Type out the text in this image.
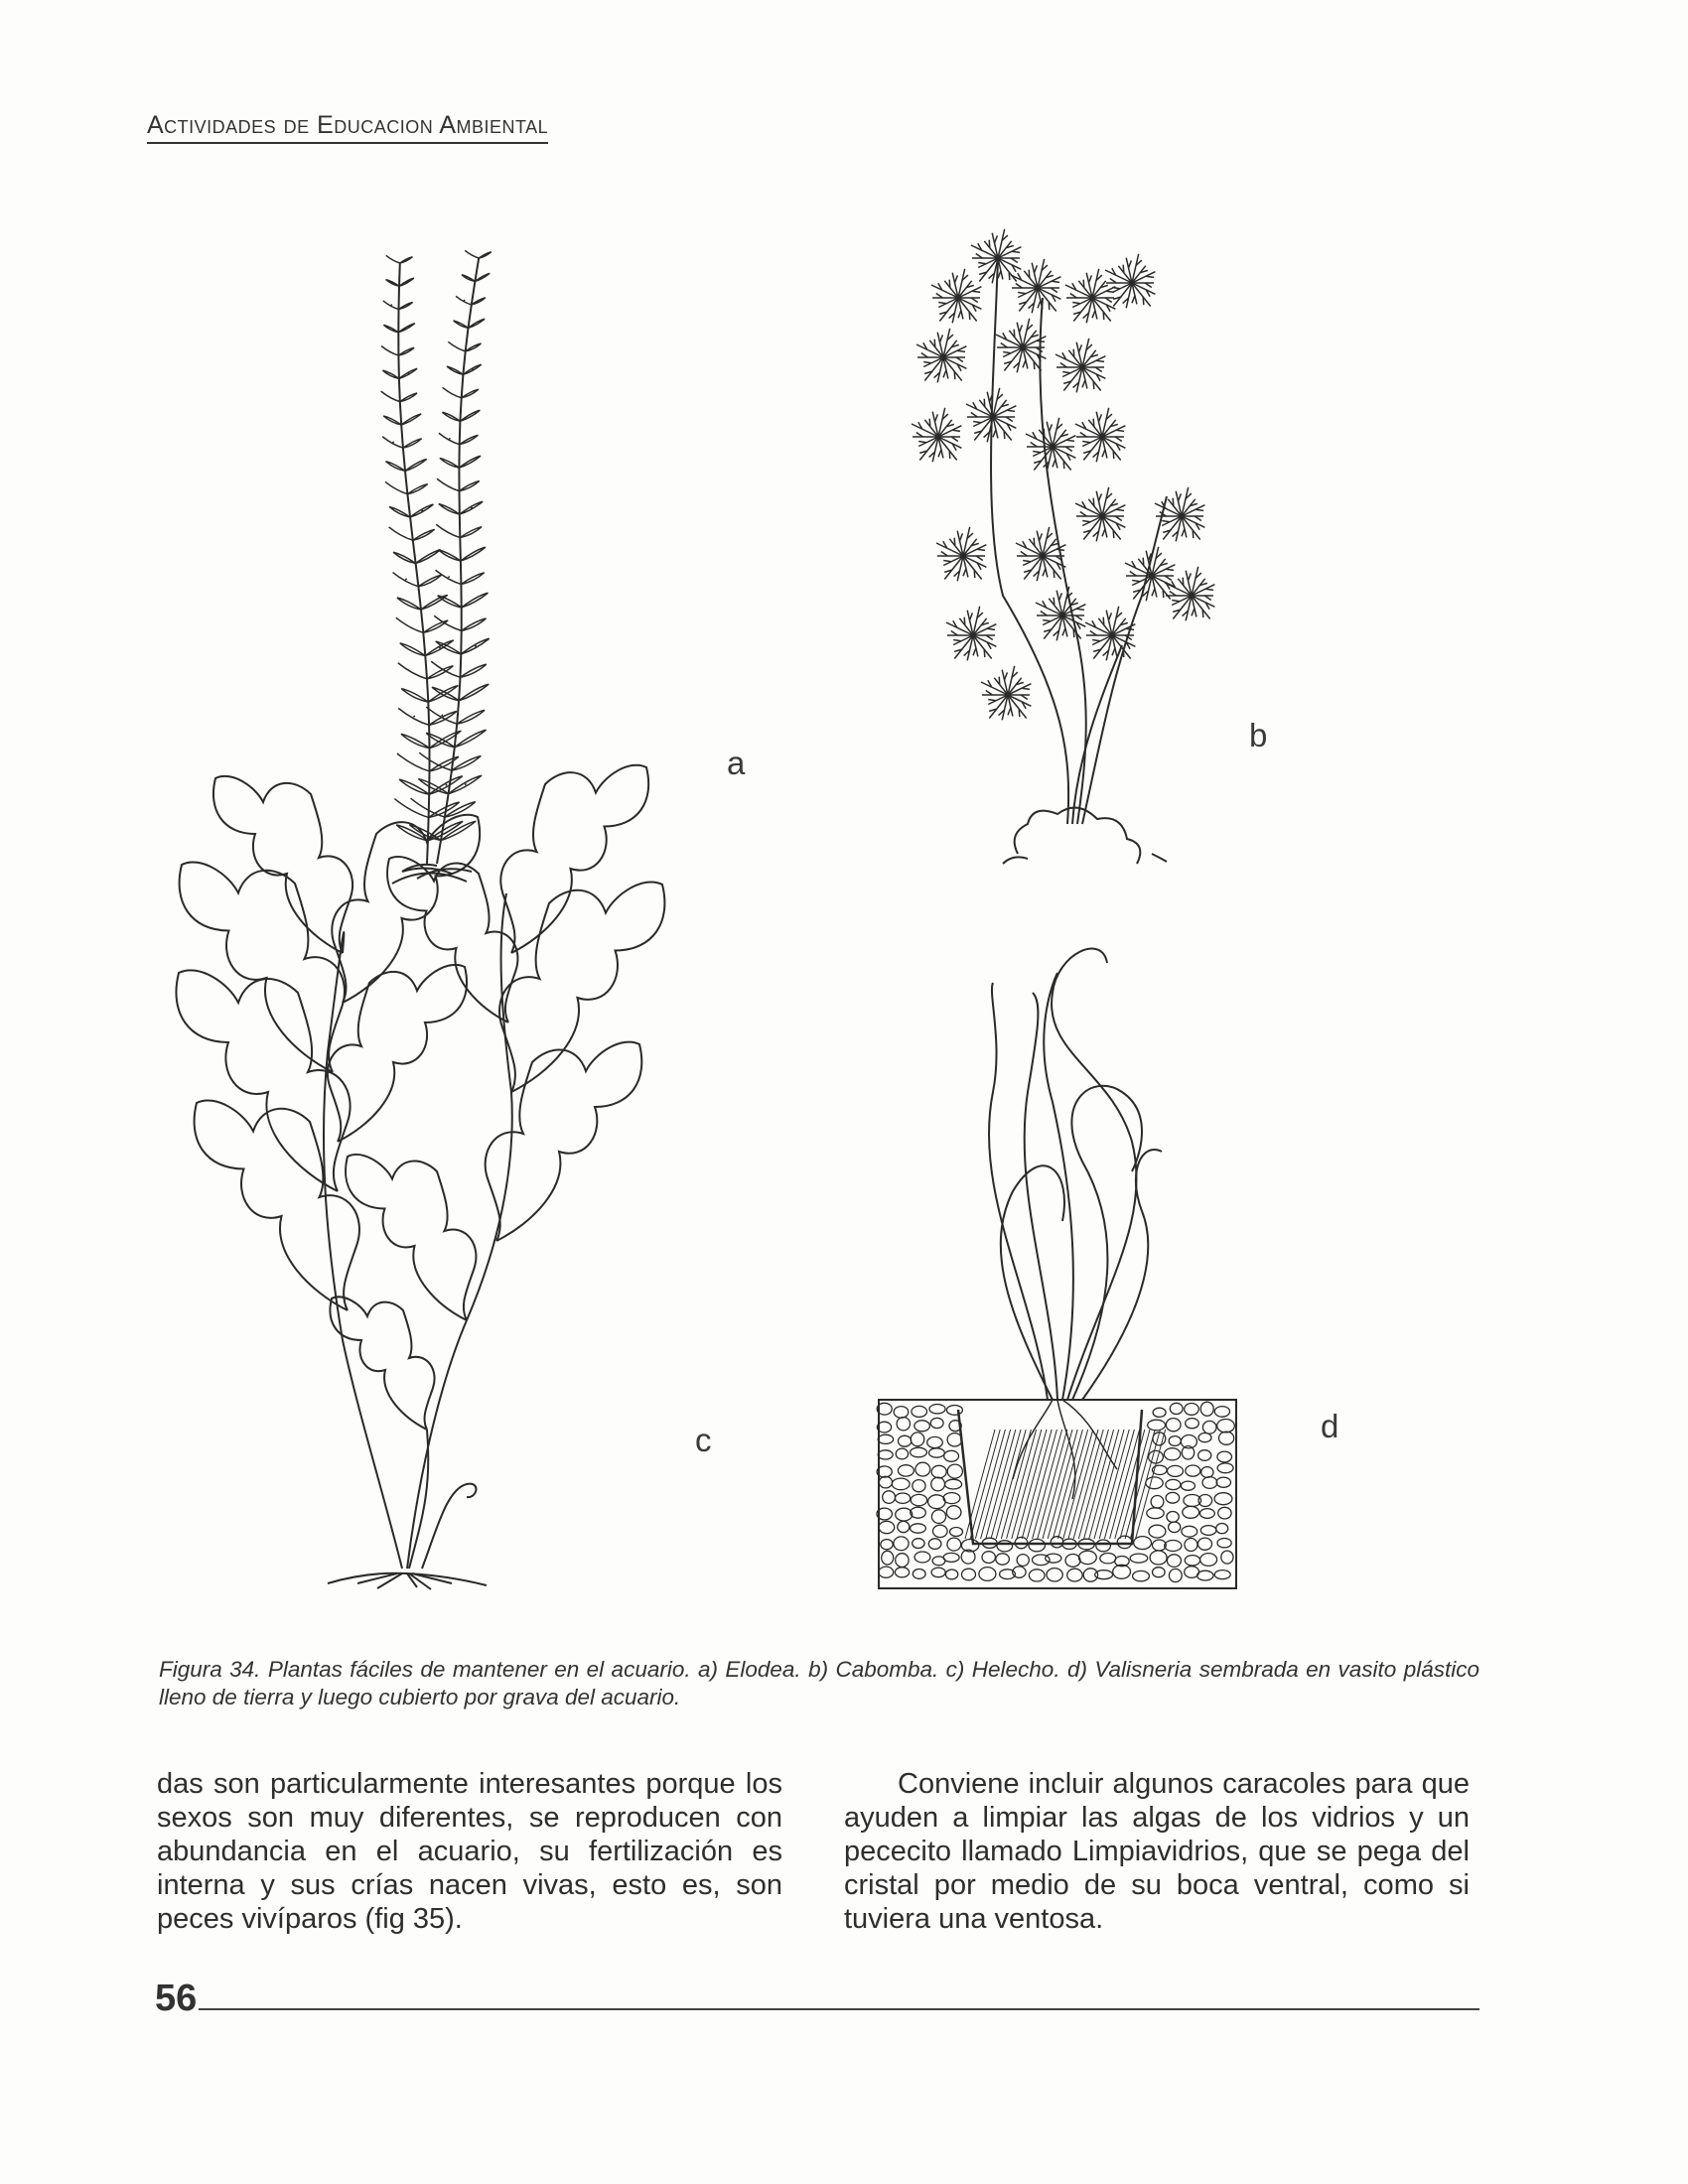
Actividades de Educacion Ambiental
a
b
c	d
Figura 34. Plantas fáciles de mantener en el acuario. a) Elodea. b) Cabomba. c) Helecho. d) Valisneria sembrada en vasito plástico lleno de tierra y luego cubierto por grava del acuario.

das son particularmente interesantes porque los sexos son muy diferentes, se reproducen con abundancia en el acuario, su fertilización es interna y sus crías nacen vivas, esto es, son peces vivíparos (fig 35).

Conviene incluir algunos caracoles para que ayuden a limpiar las algas de los vidrios y un pececito llamado Limpiavidrios, que se pega del cristal por medio de su boca ventral, como si tuviera una ventosa.

56
